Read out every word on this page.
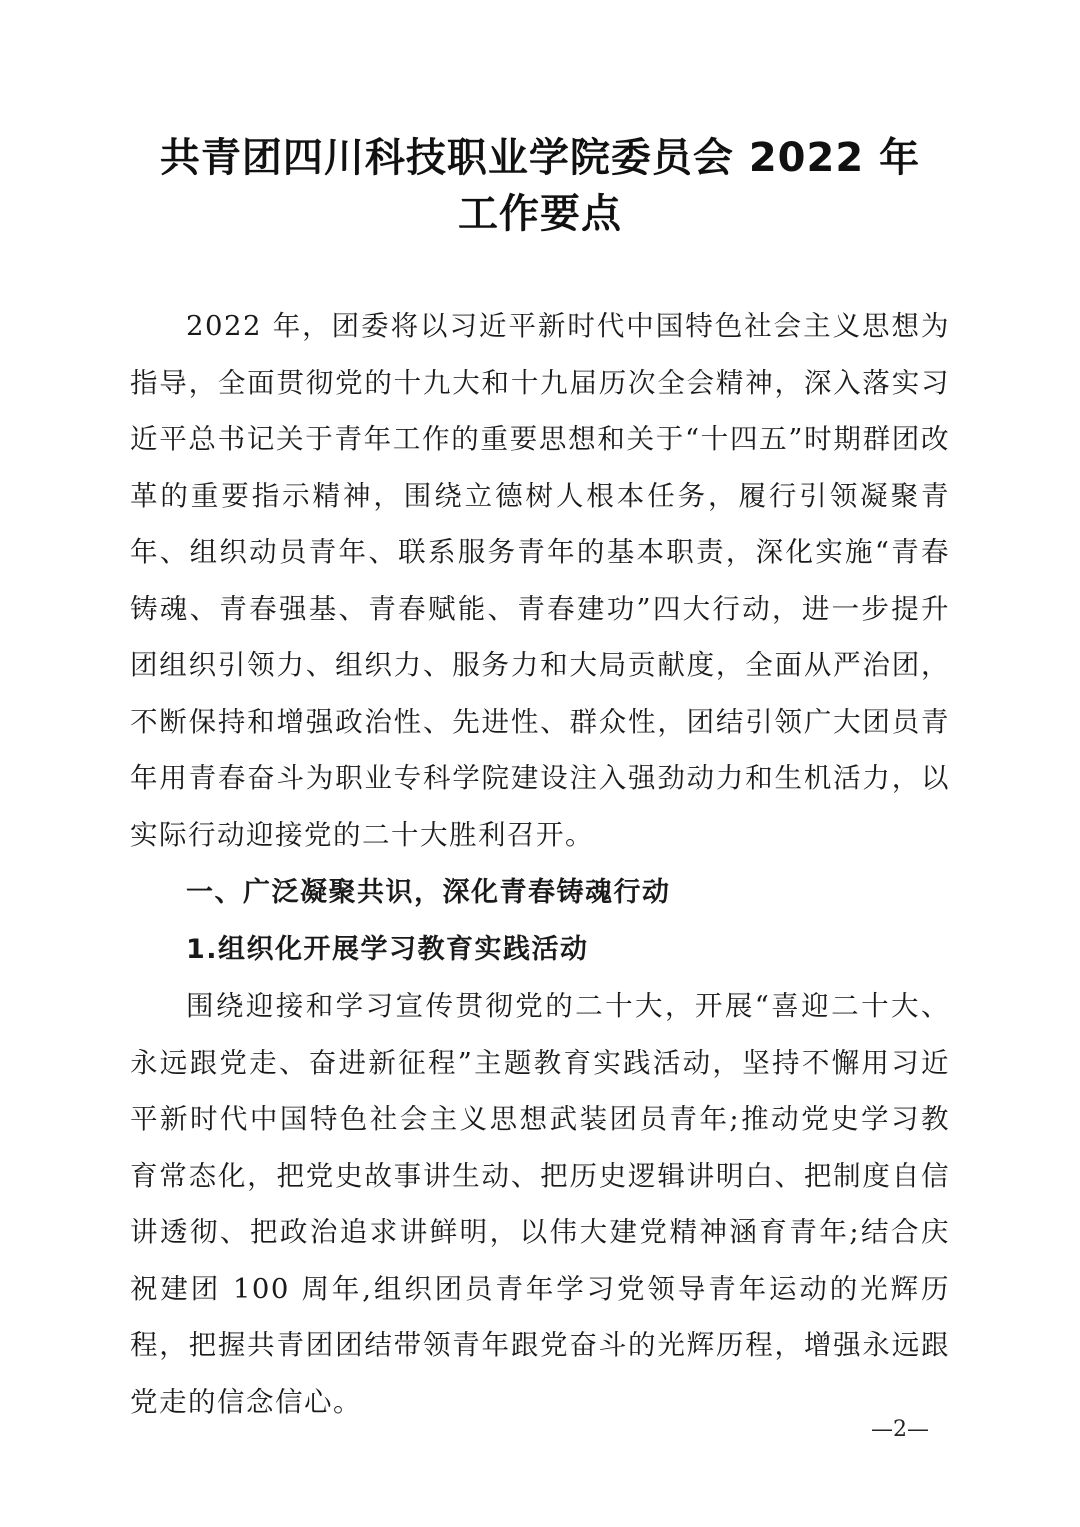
共青团四川科技职业学院委员会 2022 年
工作要点

2022 年，团委将以习近平新时代中国特色社会主义思想为指导，全面贯彻党的十九大和十九届历次全会精神，深入落实习近平总书记关于青年工作的重要思想和关于“十四五”时期群团改革的重要指示精神，围绕立德树人根本任务，履行引领凝聚青年、组织动员青年、联系服务青年的基本职责，深化实施“青春铸魂、青春强基、青春赋能、青春建功”四大行动，进一步提升团组织引领力、组织力、服务力和大局贡献度，全面从严治团，不断保持和增强政治性、先进性、群众性，团结引领广大团员青年用青春奋斗为职业专科学院建设注入强劲动力和生机活力，以实际行动迎接党的二十大胜利召开。

一、广泛凝聚共识，深化青春铸魂行动

1.组织化开展学习教育实践活动

围绕迎接和学习宣传贯彻党的二十大，开展“喜迎二十大、永远跟党走、奋进新征程”主题教育实践活动，坚持不懈用习近平新时代中国特色社会主义思想武装团员青年;推动党史学习教育常态化，把党史故事讲生动、把历史逻辑讲明白、把制度自信讲透彻、把政治追求讲鲜明，以伟大建党精神涵育青年;结合庆祝建团 100 周年,组织团员青年学习党领导青年运动的光辉历程，把握共青团团结带领青年跟党奋斗的光辉历程，增强永远跟党走的信念信心。

—2—
